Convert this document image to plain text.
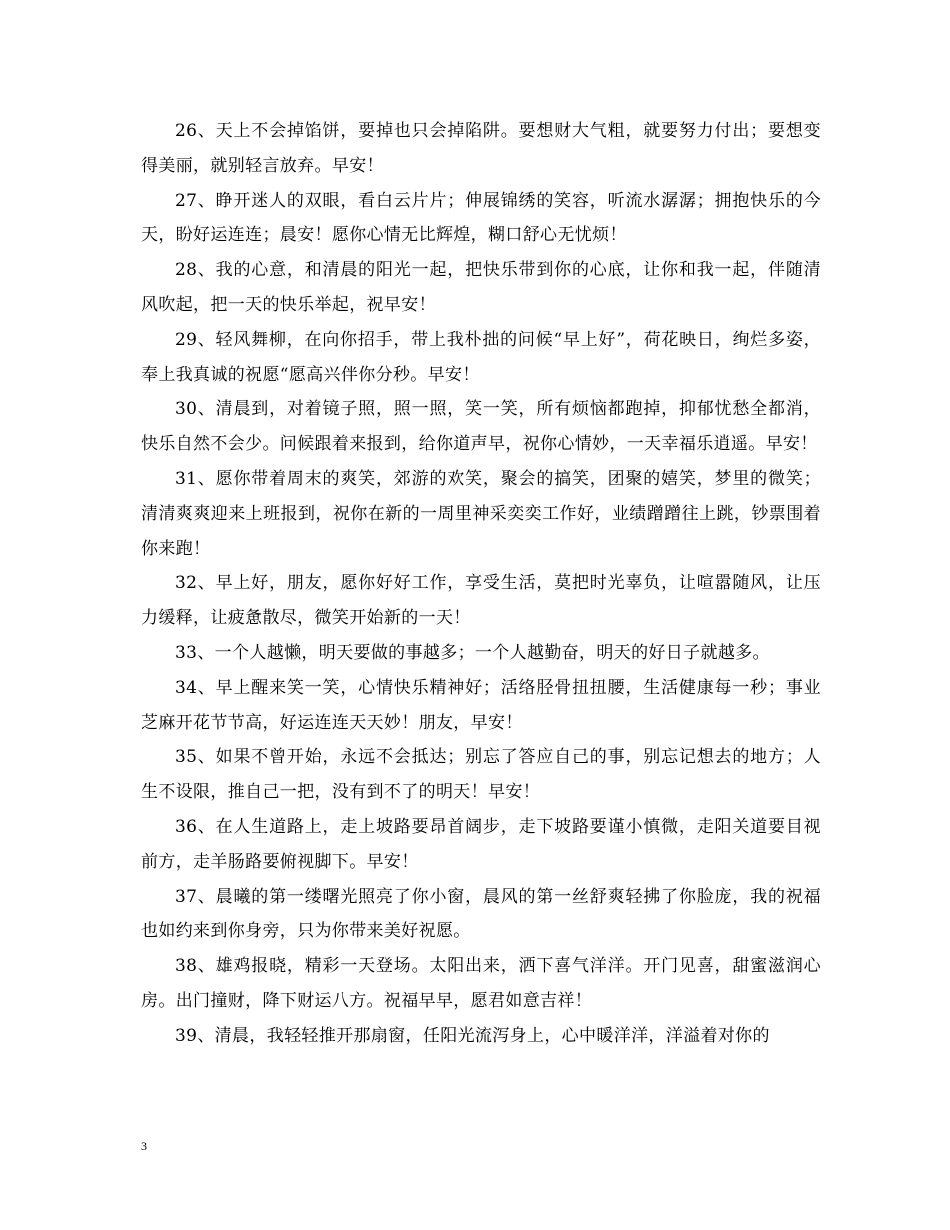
26、天上不会掉馅饼，要掉也只会掉陷阱。要想财大气粗，就要努力付出；要想变得美丽，就别轻言放弃。早安！

27、睁开迷人的双眼，看白云片片；伸展锦绣的笑容，听流水潺潺；拥抱快乐的今天，盼好运连连；晨安！愿你心情无比辉煌，糊口舒心无忧烦！

28、我的心意，和清晨的阳光一起，把快乐带到你的心底，让你和我一起，伴随清风吹起，把一天的快乐举起，祝早安！

29、轻风舞柳，在向你招手，带上我朴拙的问候“早上好”，荷花映日，绚烂多姿，奉上我真诚的祝愿“愿高兴伴你分秒。早安！

30、清晨到，对着镜子照，照一照，笑一笑，所有烦恼都跑掉，抑郁忧愁全都消，快乐自然不会少。问候跟着来报到，给你道声早，祝你心情妙，一天幸福乐逍遥。早安！

31、愿你带着周末的爽笑，郊游的欢笑，聚会的搞笑，团聚的嬉笑，梦里的微笑；清清爽爽迎来上班报到，祝你在新的一周里神采奕奕工作好，业绩蹭蹭往上跳，钞票围着你来跑！

32、早上好，朋友，愿你好好工作，享受生活，莫把时光辜负，让喧嚣随风，让压力缓释，让疲惫散尽，微笑开始新的一天！

33、一个人越懒，明天要做的事越多；一个人越勤奋，明天的好日子就越多。

34、早上醒来笑一笑，心情快乐精神好；活络胫骨扭扭腰，生活健康每一秒；事业芝麻开花节节高，好运连连天天妙！朋友，早安！

35、如果不曾开始，永远不会抵达；别忘了答应自己的事，别忘记想去的地方；人生不设限，推自己一把，没有到不了的明天！早安！

36、在人生道路上，走上坡路要昂首阔步，走下坡路要谨小慎微，走阳关道要目视前方，走羊肠路要俯视脚下。早安！

37、晨曦的第一缕曙光照亮了你小窗，晨风的第一丝舒爽轻拂了你脸庞，我的祝福也如约来到你身旁，只为你带来美好祝愿。

38、雄鸡报晓，精彩一天登场。太阳出来，洒下喜气洋洋。开门见喜，甜蜜滋润心房。出门撞财，降下财运八方。祝福早早，愿君如意吉祥！

39、清晨，我轻轻推开那扇窗，任阳光流泻身上，心中暖洋洋，洋溢着对你的

3
